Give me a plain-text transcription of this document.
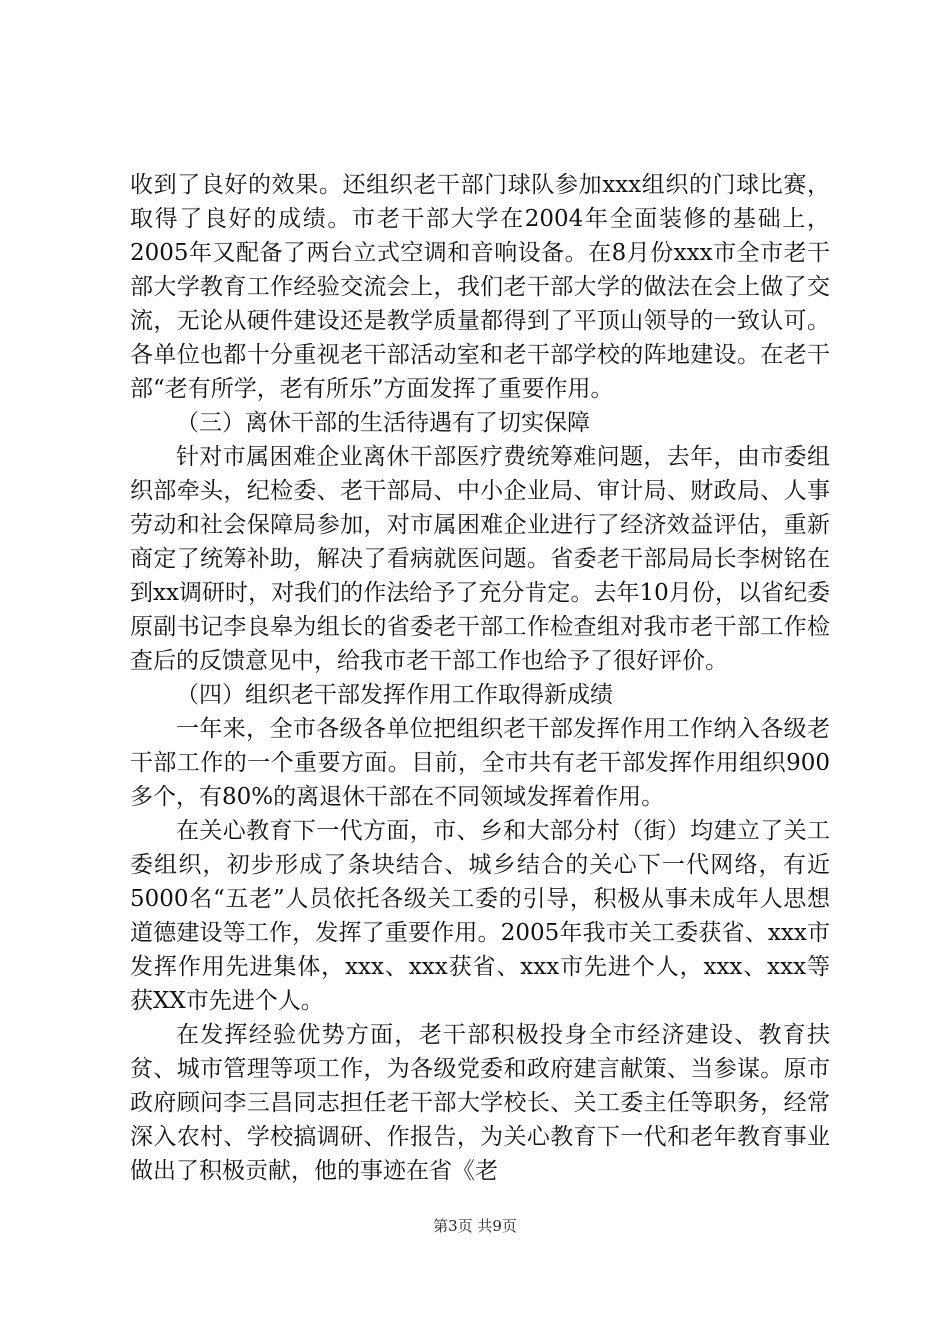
收到了良好的效果。还组织老干部门球队参加xxx组织的门球比赛，取得了良好的成绩。市老干部大学在2004年全面装修的基础上，2005年又配备了两台立式空调和音响设备。在8月份xxx市全市老干部大学教育工作经验交流会上，我们老干部大学的做法在会上做了交流，无论从硬件建设还是教学质量都得到了平顶山领导的一致认可。各单位也都十分重视老干部活动室和老干部学校的阵地建设。在老干部“老有所学，老有所乐”方面发挥了重要作用。

（三）离休干部的生活待遇有了切实保障

针对市属困难企业离休干部医疗费统筹难问题，去年，由市委组织部牵头，纪检委、老干部局、中小企业局、审计局、财政局、人事劳动和社会保障局参加，对市属困难企业进行了经济效益评估，重新商定了统筹补助，解决了看病就医问题。省委老干部局局长李树铭在到xx调研时，对我们的作法给予了充分肯定。去年10月份，以省纪委原副书记李良皋为组长的省委老干部工作检查组对我市老干部工作检查后的反馈意见中，给我市老干部工作也给予了很好评价。

（四）组织老干部发挥作用工作取得新成绩

一年来，全市各级各单位把组织老干部发挥作用工作纳入各级老干部工作的一个重要方面。目前，全市共有老干部发挥作用组织900多个，有80%的离退休干部在不同领域发挥着作用。

在关心教育下一代方面，市、乡和大部分村（街）均建立了关工委组织，初步形成了条块结合、城乡结合的关心下一代网络，有近5000名“五老”人员依托各级关工委的引导，积极从事未成年人思想道德建设等工作，发挥了重要作用。2005年我市关工委获省、xxx市发挥作用先进集体，xxx、xxx获省、xxx市先进个人，xxx、xxx等获XX市先进个人。

在发挥经验优势方面，老干部积极投身全市经济建设、教育扶贫、城市管理等项工作，为各级党委和政府建言献策、当参谋。原市政府顾问李三昌同志担任老干部大学校长、关工委主任等职务，经常深入农村、学校搞调研、作报告，为关心教育下一代和老年教育事业做出了积极贡献，他的事迹在省《老

第3页 共9页
